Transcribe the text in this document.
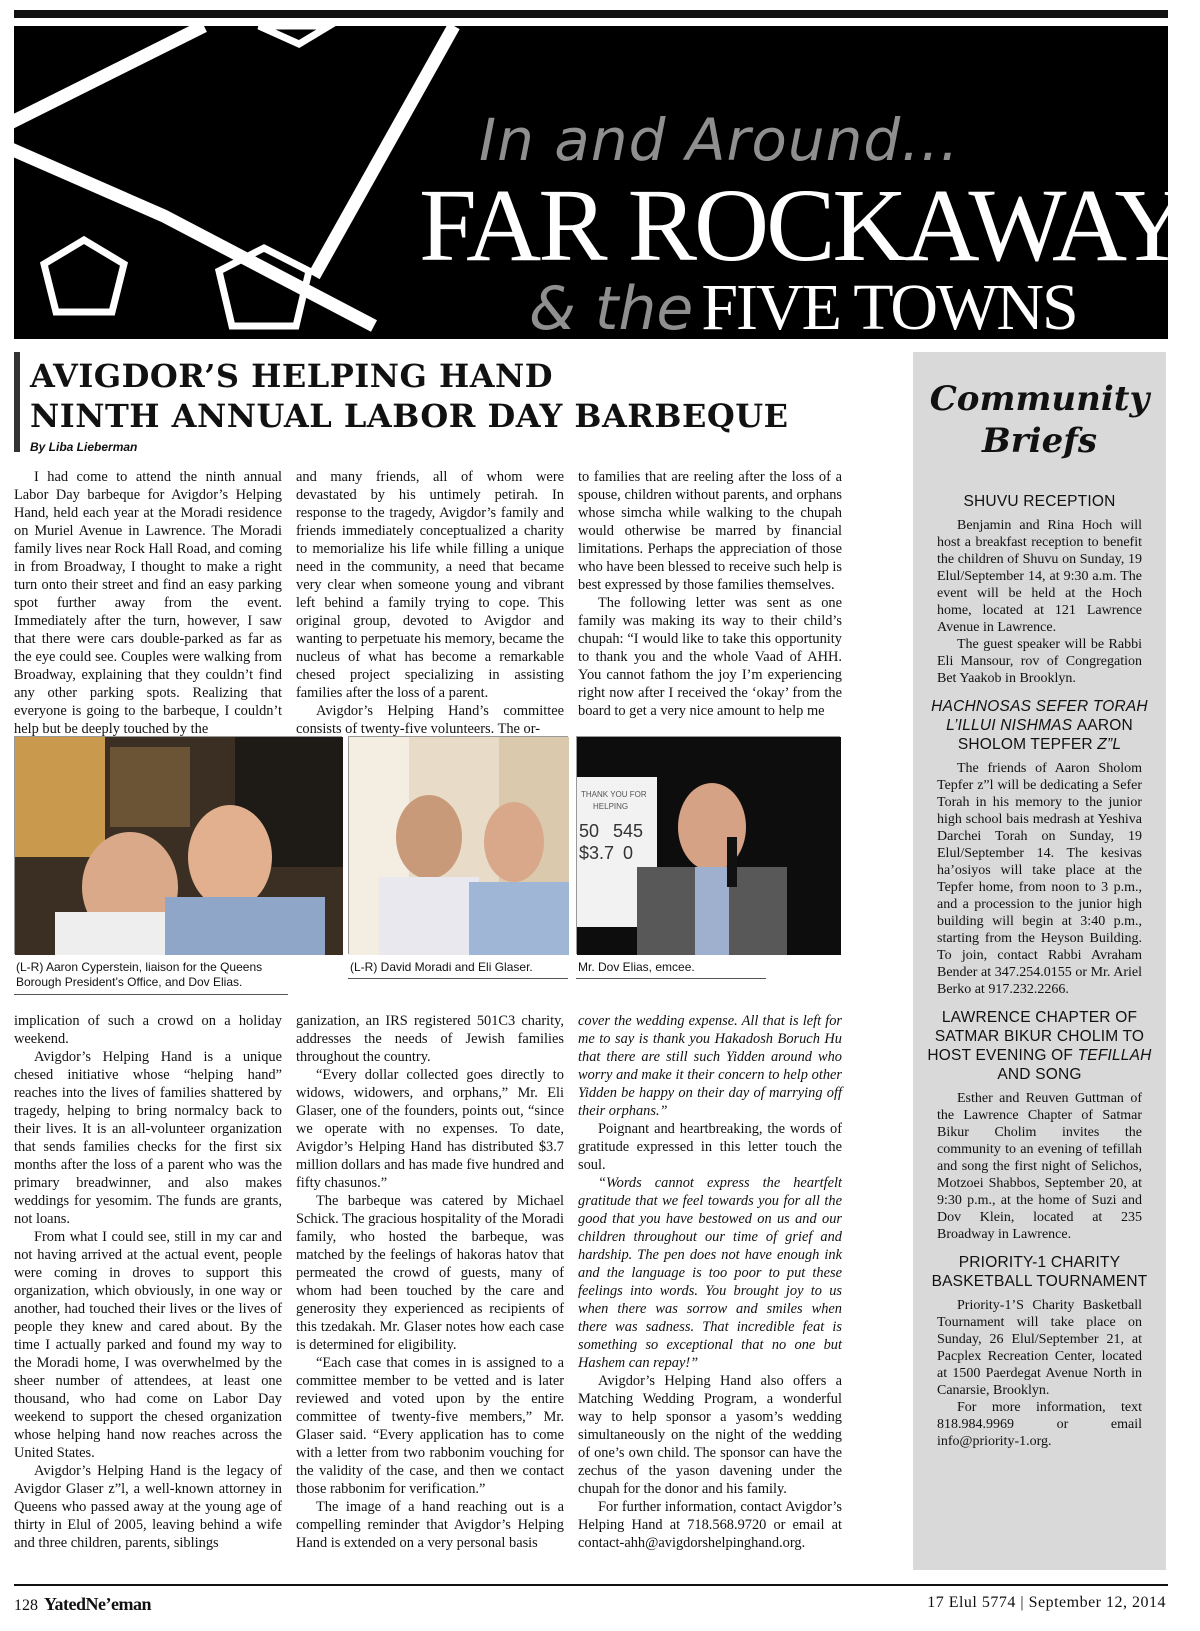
In and Around...
FAR ROCKAWAY
& the FIVE TOWNS
AVIGDOR’S HELPING HAND
NINTH ANNUAL LABOR DAY BARBEQUE
By Liba Lieberman

I had come to attend the ninth annual Labor Day barbeque for Avigdor’s Helping Hand, held each year at the Moradi residence on Muriel Avenue in Lawrence. The Moradi family lives near Rock Hall Road, and coming in from Broadway, I thought to make a right turn onto their street and find an easy parking spot further away from the event. Immediately after the turn, however, I saw that there were cars double-parked as far as the eye could see. Couples were walking from Broadway, explaining that they couldn’t find any other parking spots. Realizing that everyone is going to the barbeque, I couldn’t help but be deeply touched by the

and many friends, all of whom were devastated by his untimely petirah. In response to the tragedy, Avigdor’s family and friends immediately conceptualized a charity to memorialize his life while filling a unique need in the community, a need that became very clear when someone young and vibrant left behind a family trying to cope. This original group, devoted to Avigdor and wanting to perpetuate his memory, became the nucleus of what has become a remarkable chesed project specializing in assisting families after the loss of a parent.

Avigdor’s Helping Hand’s committee consists of twenty-five volunteers. The or-

to families that are reeling after the loss of a spouse, children without parents, and orphans whose simcha while walking to the chupah would otherwise be marred by financial limitations. Perhaps the appreciation of those who have been blessed to receive such help is best expressed by those families themselves.

The following letter was sent as one family was making its way to their child’s chupah: “I would like to take this opportunity to thank you and the whole Vaad of AHH. You cannot fathom the joy I’m experiencing right now after I received the ‘okay’ from the board to get a very nice amount to help me

THANK YOU FOR
HELPING
50 545
$3.7 0
(L-R) Aaron Cyperstein, liaison for the Queens Borough President’s Office, and Dov Elias.
(L-R) David Moradi and Eli Glaser.	Mr. Dov Elias, emcee.

implication of such a crowd on a holiday weekend.

Avigdor’s Helping Hand is a unique chesed initiative whose “helping hand” reaches into the lives of families shattered by tragedy, helping to bring normalcy back to their lives. It is an all-volunteer organization that sends families checks for the first six months after the loss of a parent who was the primary breadwinner, and also makes weddings for yesomim. The funds are grants, not loans.

From what I could see, still in my car and not having arrived at the actual event, people were coming in droves to support this organization, which obviously, in one way or another, had touched their lives or the lives of people they knew and cared about. By the time I actually parked and found my way to the Moradi home, I was overwhelmed by the sheer number of attendees, at least one thousand, who had come on Labor Day weekend to support the chesed organization whose helping hand now reaches across the United States.

Avigdor’s Helping Hand is the legacy of Avigdor Glaser z”l, a well-known attorney in Queens who passed away at the young age of thirty in Elul of 2005, leaving behind a wife and three children, parents, siblings

ganization, an IRS registered 501C3 charity, addresses the needs of Jewish families throughout the country.

“Every dollar collected goes directly to widows, widowers, and orphans,” Mr. Eli Glaser, one of the founders, points out, “since we operate with no expenses. To date, Avigdor’s Helping Hand has distributed $3.7 million dollars and has made five hundred and fifty chasunos.”

The barbeque was catered by Michael Schick. The gracious hospitality of the Moradi family, who hosted the barbeque, was matched by the feelings of hakoras hatov that permeated the crowd of guests, many of whom had been touched by the care and generosity they experienced as recipients of this tzedakah. Mr. Glaser notes how each case is determined for eligibility.

“Each case that comes in is assigned to a committee member to be vetted and is later reviewed and voted upon by the entire committee of twenty-five members,” Mr. Glaser said. “Every application has to come with a letter from two rabbonim vouching for the validity of the case, and then we contact those rabbonim for verification.”

The image of a hand reaching out is a compelling reminder that Avigdor’s Helping Hand is extended on a very personal basis

cover the wedding expense. All that is left for me to say is thank you Hakadosh Boruch Hu that there are still such Yidden around who worry and make it their concern to help other Yidden be happy on their day of marrying off their orphans.”

Poignant and heartbreaking, the words of gratitude expressed in this letter touch the soul.

“Words cannot express the heartfelt gratitude that we feel towards you for all the good that you have bestowed on us and our children throughout our time of grief and hardship. The pen does not have enough ink and the language is too poor to put these feelings into words. You brought joy to us when there was sorrow and smiles when there was sadness. That incredible feat is something so exceptional that no one but Hashem can repay!”

Avigdor’s Helping Hand also offers a Matching Wedding Program, a wonderful way to help sponsor a yasom’s wedding simultaneously on the night of the wedding of one’s own child. The sponsor can have the zechus of the yason davening under the chupah for the donor and his family.

For further information, contact Avigdor’s Helping Hand at 718.568.9720 or email at contact-ahh@avigdorshelpinghand.org.

Community
Briefs
SHUVU RECEPTION

Benjamin and Rina Hoch will host a breakfast reception to benefit the children of Shuvu on Sunday, 19 Elul/September 14, at 9:30 a.m. The event will be held at the Hoch home, located at 121 Lawrence Avenue in Lawrence.

The guest speaker will be Rabbi Eli Mansour, rov of Congregation Bet Yaakob in Brooklyn.

HACHNOSAS SEFER TORAH L’ILLUI NISHMAS AARON SHOLOM TEPFER Z”L

The friends of Aaron Sholom Tepfer z”l will be dedicating a Sefer Torah in his memory to the junior high school bais medrash at Yeshiva Darchei Torah on Sunday, 19 Elul/September 14. The kesivas ha’osiyos will take place at the Tepfer home, from noon to 3 p.m., and a procession to the junior high building will begin at 3:40 p.m., starting from the Heyson Building. To join, contact Rabbi Avraham Bender at 347.254.0155 or Mr. Ariel Berko at 917.232.2266.

LAWRENCE CHAPTER OF SATMAR BIKUR CHOLIM TO HOST EVENING OF TEFILLAH AND SONG

Esther and Reuven Guttman of the Lawrence Chapter of Satmar Bikur Cholim invites the community to an evening of tefillah and song the first night of Selichos, Motzoei Shabbos, September 20, at 9:30 p.m., at the home of Suzi and Dov Klein, located at 235 Broadway in Lawrence.

PRIORITY-1 CHARITY BASKETBALL TOURNAMENT

Priority-1’S Charity Basketball Tournament will take place on Sunday, 26 Elul/September 21, at Pacplex Recreation Center, located at 1500 Paerdegat Avenue North in Canarsie, Brooklyn.

For more information, text 818.984.9969 or email info@priority-1.org.

128 YatedNe’eman	17 Elul 5774 | September 12, 2014
